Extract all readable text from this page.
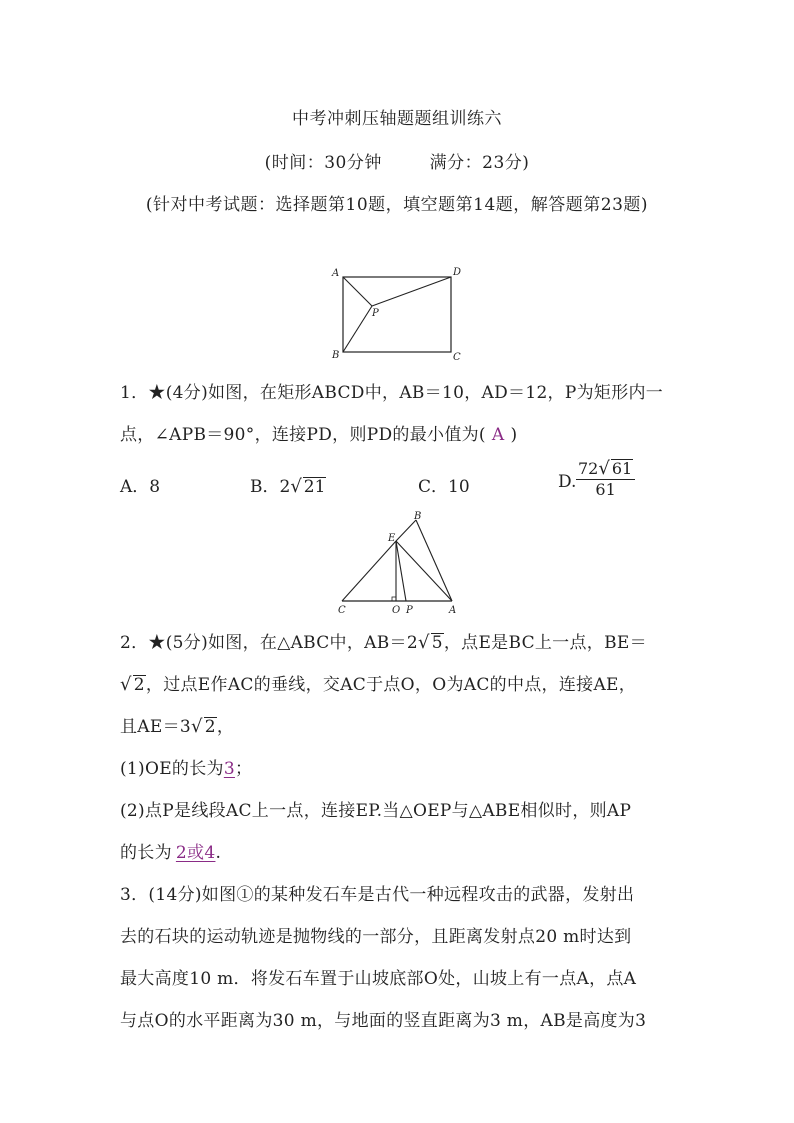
中考冲刺压轴题题组训练六
(时间：30分钟	满分：23分)
(针对中考试题：选择题第10题，填空题第14题，解答题第23题)
A
B	C
D
P
1．★(4分)如图，在矩形ABCD中，AB＝10，AD＝12，P为矩形内一
点，∠APB＝90°，连接PD，则PD的最小值为( A )
A．8	B．2√ 21	C．10	D. $\frac{72√ 61}{61}$
B
E
C	O P	A
2．★(5分)如图，在△ABC中，AB＝2√ 5，点E是BC上一点，BE＝
√ 2，过点E作AC的垂线，交AC于点O，O为AC的中点，连接AE，
且AE＝3√ 2，
(1)OE的长为3；
(2)点P是线段AC上一点，连接EP.当△OEP与△ABE相似时，则AP
的长为 2或4.
3．(14分)如图①的某种发石车是古代一种远程攻击的武器，发射出
去的石块的运动轨迹是抛物线的一部分，且距离发射点20 m时达到
最大高度10 m．将发石车置于山坡底部O处，山坡上有一点A，点A
与点O的水平距离为30 m，与地面的竖直距离为3 m，AB是高度为3
